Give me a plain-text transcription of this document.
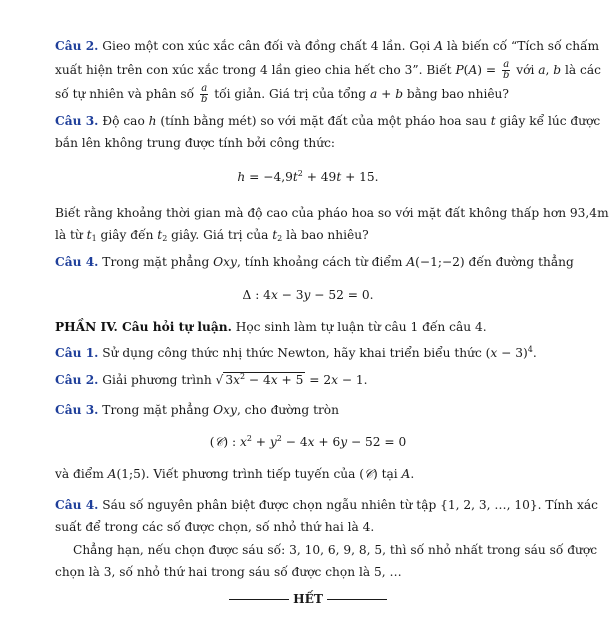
Câu 2. Gieo một con xúc xắc cân đối và đồng chất 4 lần. Gọi A là biến cố “Tích số chấm
xuất hiện trên con xúc xắc trong 4 lần gieo chia hết cho 3”. Biết $P(A) = \frac{a}{b}$ với a, b là các
số tự nhiên và phân số $\frac{a}{b}$ tối giản. Giá trị của tổng a + b bằng bao nhiêu?
Câu 3. Độ cao h (tính bằng mét) so với mặt đất của một pháo hoa sau t giây kể lúc được
bắn lên không trung được tính bởi công thức:
$h = -4,9t^2 + 49t + 15$.
Biết rằng khoảng thời gian mà độ cao của pháo hoa so với mặt đất không thấp hơn 93,4m
là từ $t_1$ giây đến $t_2$ giây. Giá trị của $t_2$ là bao nhiêu?
Câu 4. Trong mặt phẳng Oxy, tính khoảng cách từ điểm A(−1;−2) đến đường thẳng
Δ : 4x − 3y − 52 = 0.
PHẦN IV. Câu hỏi tự luận. Học sinh làm tự luận từ câu 1 đến câu 4.
Câu 1. Sử dụng công thức nhị thức Newton, hãy khai triển biểu thức $(x - 3)^4$.
Câu 2. Giải phương trình √ $3x^2 - 4x + 5 = 2x - 1$.
Câu 3. Trong mặt phẳng Oxy, cho đường tròn
(𝒞) : $x^2 + y^2 - 4x + 6y - 52 = 0$
và điểm A(1;5). Viết phương trình tiếp tuyến của (𝒞) tại A.
Câu 4. Sáu số nguyên phân biệt được chọn ngẫu nhiên từ tập {1, 2, 3, …, 10}. Tính xác
suất để trong các số được chọn, số nhỏ thứ hai là 4.
Chẳng hạn, nếu chọn được sáu số: 3, 10, 6, 9, 8, 5, thì số nhỏ nhất trong sáu số được
chọn là 3, số nhỏ thứ hai trong sáu số được chọn là 5, …
HẾT
